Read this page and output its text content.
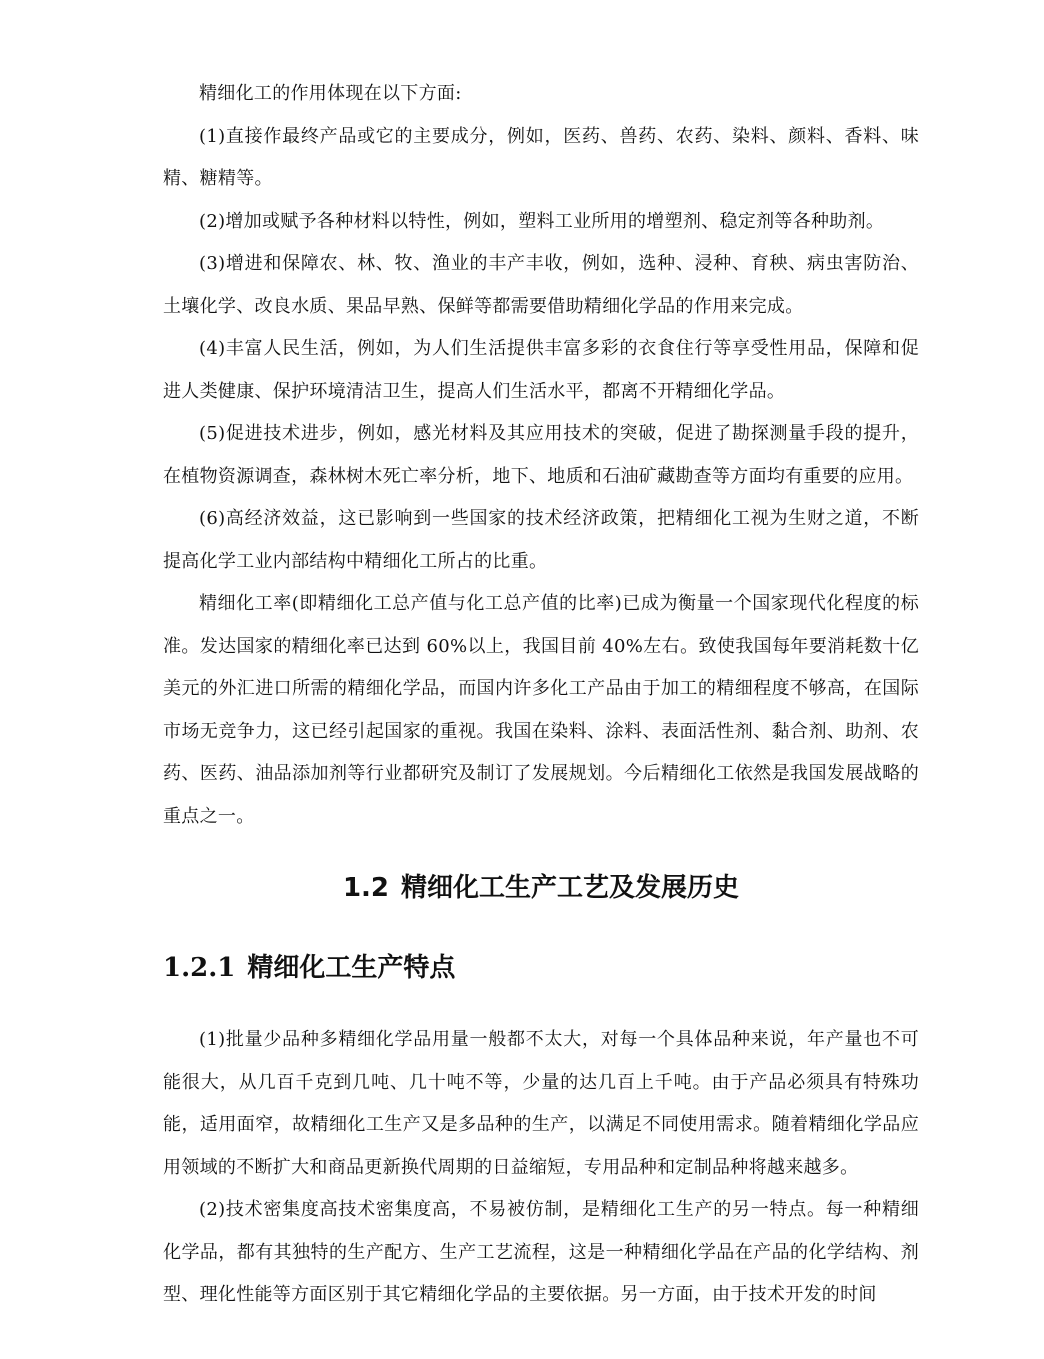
精细化工的作用体现在以下方面:

(1)直接作最终产品或它的主要成分，例如，医药、兽药、农药、染料、颜料、香料、味精、糖精等。

(2)增加或赋予各种材料以特性，例如，塑料工业所用的增塑剂、稳定剂等各种助剂。

(3)增进和保障农、林、牧、渔业的丰产丰收，例如，选种、浸种、育秧、病虫害防治、土壤化学、改良水质、果品早熟、保鲜等都需要借助精细化学品的作用来完成。

(4)丰富人民生活，例如，为人们生活提供丰富多彩的衣食住行等享受性用品，保障和促进人类健康、保护环境清洁卫生，提高人们生活水平，都离不开精细化学品。

(5)促进技术进步，例如，感光材料及其应用技术的突破，促进了勘探测量手段的提升，在植物资源调查，森林树木死亡率分析，地下、地质和石油矿藏勘查等方面均有重要的应用。

(6)高经济效益，这已影响到一些国家的技术经济政策，把精细化工视为生财之道，不断提高化学工业内部结构中精细化工所占的比重。

精细化工率(即精细化工总产值与化工总产值的比率)已成为衡量一个国家现代化程度的标准。发达国家的精细化率已达到 60%以上，我国目前 40%左右。致使我国每年要消耗数十亿美元的外汇进口所需的精细化学品，而国内许多化工产品由于加工的精细程度不够高，在国际市场无竞争力，这已经引起国家的重视。我国在染料、涂料、表面活性剂、黏合剂、助剂、农药、医药、油品添加剂等行业都研究及制订了发展规划。今后精细化工依然是我国发展战略的重点之一。

1.2 精细化工生产工艺及发展历史
1.2.1 精细化工生产特点

(1)批量少品种多精细化学品用量一般都不太大，对每一个具体品种来说，年产量也不可能很大，从几百千克到几吨、几十吨不等，少量的达几百上千吨。由于产品必须具有特殊功能，适用面窄，故精细化工生产又是多品种的生产，以满足不同使用需求。随着精细化学品应用领域的不断扩大和商品更新换代周期的日益缩短，专用品种和定制品种将越来越多。

(2)技术密集度高技术密集度高，不易被仿制，是精细化工生产的另一特点。每一种精细化学品，都有其独特的生产配方、生产工艺流程，这是一种精细化学品在产品的化学结构、剂型、理化性能等方面区别于其它精细化学品的主要依据。另一方面，由于技术开发的时间
